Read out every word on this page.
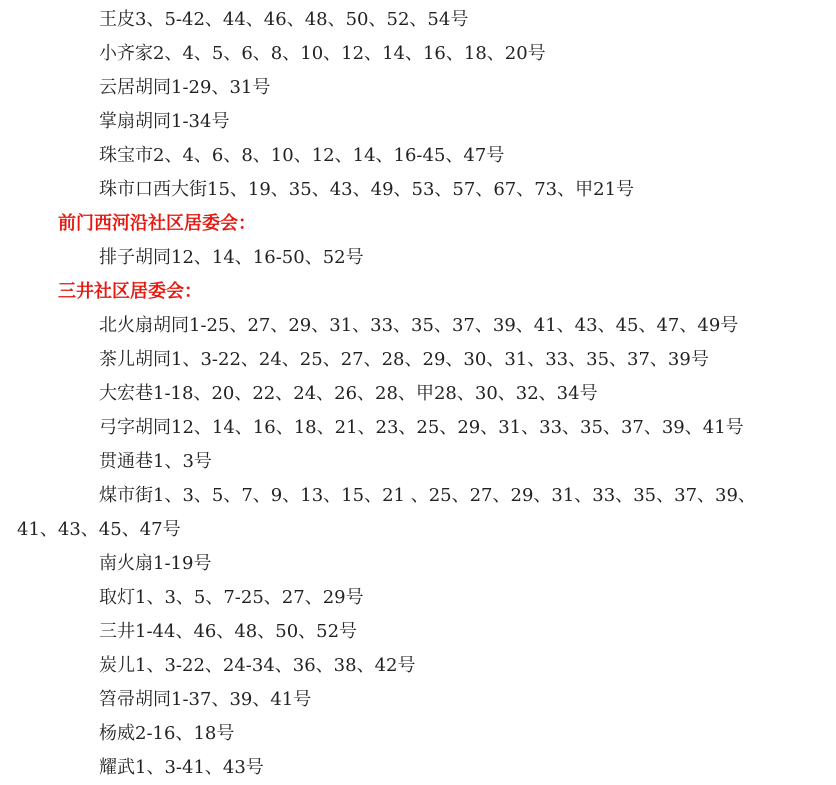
王皮3、5-42、44、46、48、50、52、54号
小齐家2、4、5、6、8、10、12、14、16、18、20号
云居胡同1-29、31号
掌扇胡同1-34号
珠宝市2、4、6、8、10、12、14、16-45、47号
珠市口西大街15、19、35、43、49、53、57、67、73、甲21号
前门西河沿社区居委会：
排子胡同12、14、16-50、52号
三井社区居委会：
北火扇胡同1-25、27、29、31、33、35、37、39、41、43、45、47、49号
茶儿胡同1、3-22、24、25、27、28、29、30、31、33、35、37、39号
大宏巷1-18、20、22、24、26、28、甲28、30、32、34号
弓字胡同12、14、16、18、21、23、25、29、31、33、35、37、39、41号
贯通巷1、3号
煤市街1、3、5、7、9、13、15、21 、25、27、29、31、33、35、37、39、
41、43、45、47号
南火扇1-19号
取灯1、3、5、7-25、27、29号
三井1-44、46、48、50、52号
炭儿1、3-22、24-34、36、38、42号
笤帚胡同1-37、39、41号
杨威2-16、18号
耀武1、3-41、43号
